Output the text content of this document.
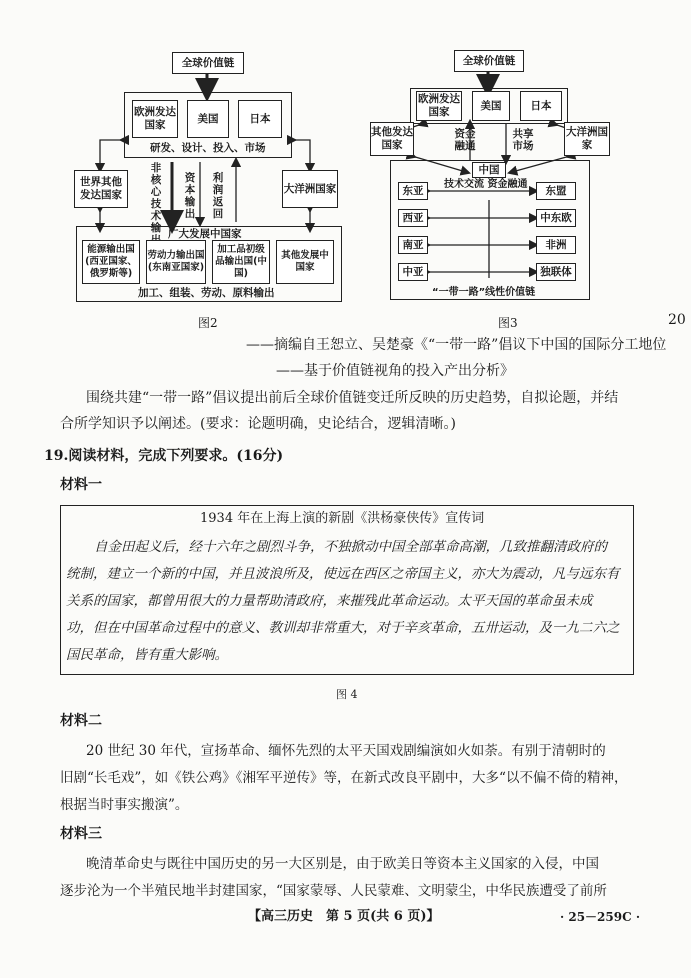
全球价值链
欧洲发达国家
美国	日本
研发、设计、投入、市场
世界其他发达国家
大洋洲国家
非核心技术输
资本输出
利润返回
广大发展中国家
能源输出国(西亚国家、俄罗斯等)
劳动力输出国(东南亚国家)
加工品初级品输出国(中国)
其他发展中国家
加工、组装、劳动、原料输出
图2
全球价值链
欧洲发达国家
美国	日本
其他发达国家
大洋洲国家
资金融通
共享市场
中国
技术交流 资金融通
东亚
西亚
南亚
中亚
东盟
中东欧
非洲
独联体
“一带一路”线性价值链
图3	20
——摘编自王恕立、吴楚豪《“一带一路”倡议下中国的国际分工地位
——基于价值链视角的投入产出分析》
围绕共建“一带一路”倡议提出前后全球价值链变迁所反映的历史趋势，自拟论题，并结
合所学知识予以阐述。(要求：论题明确，史论结合，逻辑清晰。)
19.阅读材料，完成下列要求。(16分)
材料一
1934 年在上海上演的新剧《洪杨豪侠传》宣传词
自金田起义后，经十六年之剧烈斗争，不独掀动中国全部革命高潮，几致推翻清政府的
统制，建立一个新的中国，并且波浪所及，使远在西区之帝国主义，亦大为震动，凡与远东有
关系的国家，都曾用很大的力量帮助清政府，来摧残此革命运动。太平天国的革命虽未成
功，但在中国革命过程中的意义、教训却非常重大，对于辛亥革命，五卅运动，及一九二六之
国民革命，皆有重大影响。
图 4
材料二
20 世纪 30 年代，宣扬革命、缅怀先烈的太平天国戏剧编演如火如荼。有别于清朝时的
旧剧“长毛戏”，如《铁公鸡》《湘军平逆传》等，在新式改良平剧中，大多“以不偏不倚的精神，
根据当时事实搬演”。
材料三
晚清革命史与既往中国历史的另一大区别是，由于欧美日等资本主义国家的入侵，中国
逐步沦为一个半殖民地半封建国家，“国家蒙辱、人民蒙难、文明蒙尘，中华民族遭受了前所
【高三历史　第 5 页(共 6 页)】	· 25－259C ·
